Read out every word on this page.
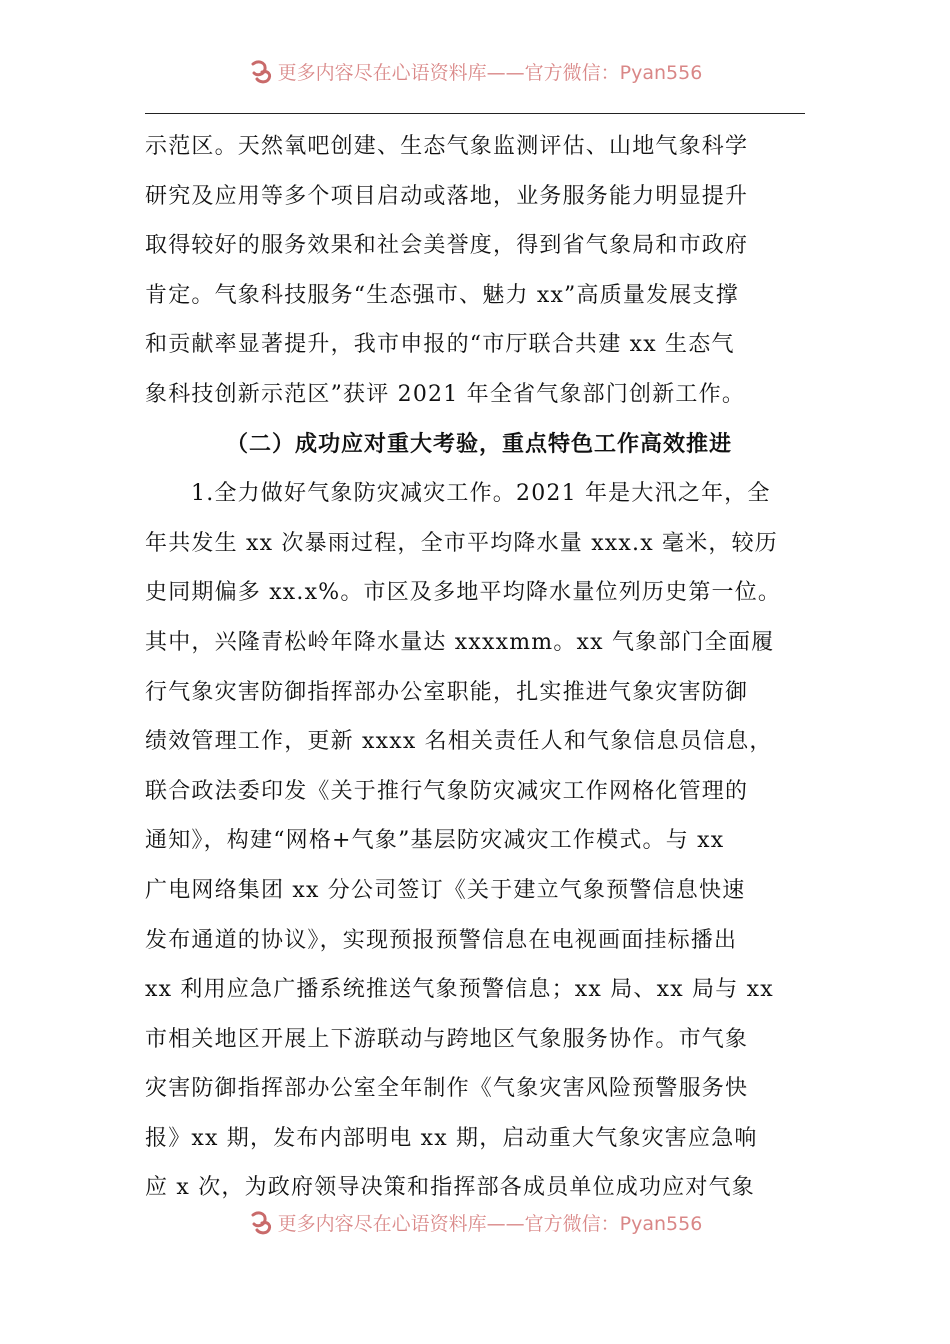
更多内容尽在心语资料库——官方微信：Pyan556
示范区。天然氧吧创建、生态气象监测评估、山地气象科学
研究及应用等多个项目启动或落地，业务服务能力明显提升
取得较好的服务效果和社会美誉度，得到省气象局和市政府
肯定。气象科技服务“生态强市、魅力 xx”高质量发展支撑
和贡献率显著提升，我市申报的“市厅联合共建 xx 生态气
象科技创新示范区”获评 2021 年全省气象部门创新工作。
（二）成功应对重大考验，重点特色工作高效推进
1.全力做好气象防灾减灾工作。2021 年是大汛之年，全
年共发生 xx 次暴雨过程，全市平均降水量 xxx.x 毫米，较历
史同期偏多 xx.x%。市区及多地平均降水量位列历史第一位。
其中，兴隆青松岭年降水量达 xxxxmm。xx 气象部门全面履
行气象灾害防御指挥部办公室职能，扎实推进气象灾害防御
绩效管理工作，更新 xxxx 名相关责任人和气象信息员信息，
联合政法委印发《关于推行气象防灾减灾工作网格化管理的
通知》，构建“网格+气象”基层防灾减灾工作模式。与 xx
广电网络集团 xx 分公司签订《关于建立气象预警信息快速
发布通道的协议》，实现预报预警信息在电视画面挂标播出
xx 利用应急广播系统推送气象预警信息；xx 局、xx 局与 xx
市相关地区开展上下游联动与跨地区气象服务协作。市气象
灾害防御指挥部办公室全年制作《气象灾害风险预警服务快
报》xx 期，发布内部明电 xx 期，启动重大气象灾害应急响
应 x 次，为政府领导决策和指挥部各成员单位成功应对气象
更多内容尽在心语资料库——官方微信：Pyan556
